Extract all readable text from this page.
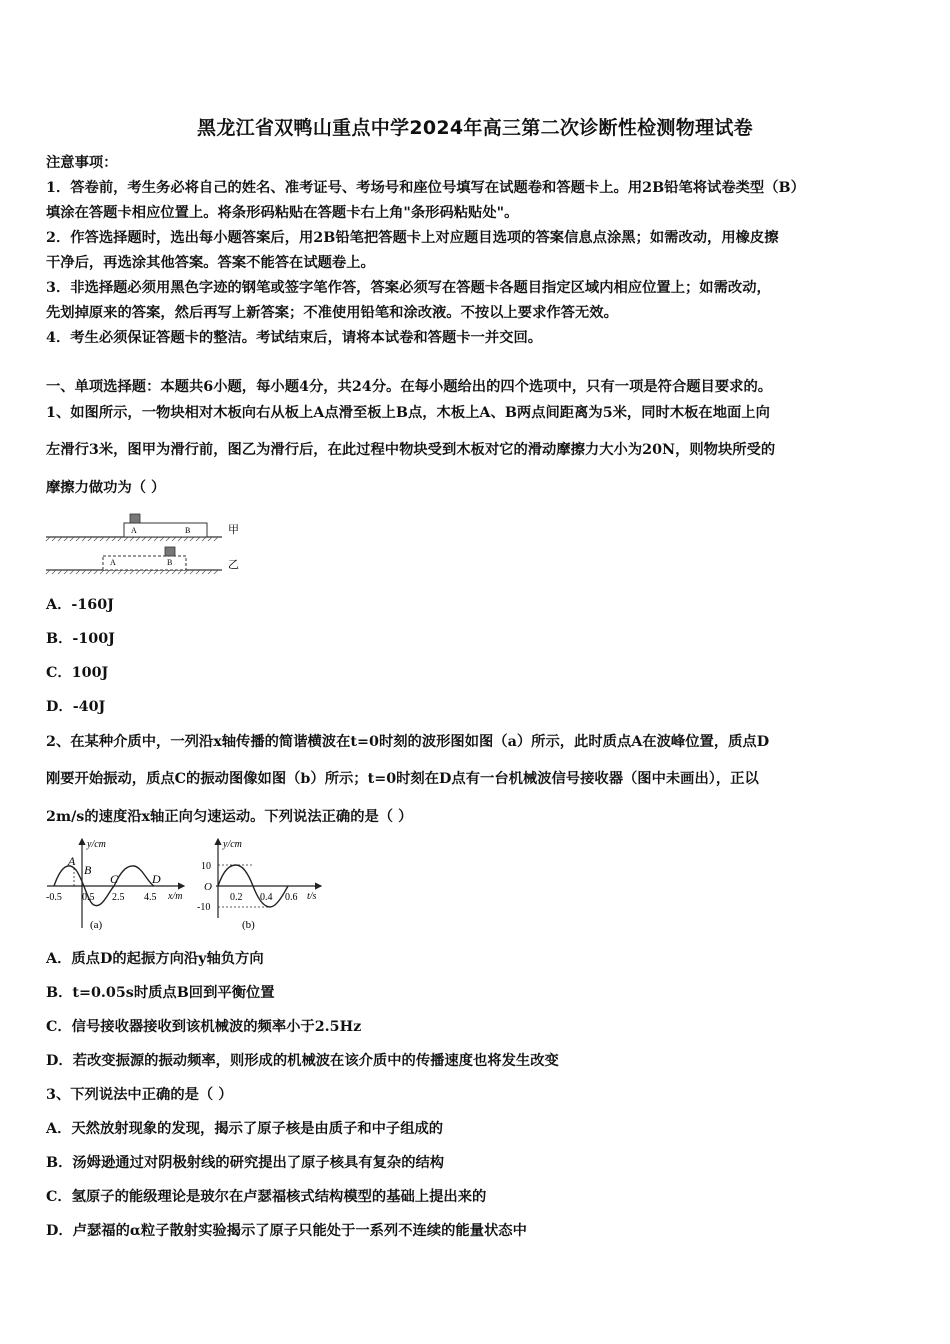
黑龙江省双鸭山重点中学2024年高三第二次诊断性检测物理试卷
注意事项：
1．答卷前，考生务必将自己的姓名、准考证号、考场号和座位号填写在试题卷和答题卡上。用2B铅笔将试卷类型（B）
填涂在答题卡相应位置上。将条形码粘贴在答题卡右上角"条形码粘贴处"。
2．作答选择题时，选出每小题答案后，用2B铅笔把答题卡上对应题目选项的答案信息点涂黑；如需改动，用橡皮擦
干净后，再选涂其他答案。答案不能答在试题卷上。
3．非选择题必须用黑色字迹的钢笔或签字笔作答，答案必须写在答题卡各题目指定区域内相应位置上；如需改动，
先划掉原来的答案，然后再写上新答案；不准使用铅笔和涂改液。不按以上要求作答无效。
4．考生必须保证答题卡的整洁。考试结束后，请将本试卷和答题卡一并交回。
一、单项选择题：本题共6小题，每小题4分，共24分。在每小题给出的四个选项中，只有一项是符合题目要求的。
1、如图所示，一物块相对木板向右从板上A点滑至板上B点，木板上A、B两点间距离为5米，同时木板在地面上向
左滑行3米，图甲为滑行前，图乙为滑行后，在此过程中物块受到木板对它的滑动摩擦力大小为20N，则物块所受的
摩擦力做功为（ ）
A	B	甲
A	B	乙
A．-160J
B．-100J
C．100J
D．-40J
2、在某种介质中，一列沿x轴传播的简谐横波在t=0时刻的波形图如图（a）所示，此时质点A在波峰位置，质点D
刚要开始振动，质点C的振动图像如图（b）所示；t=0时刻在D点有一台机械波信号接收器（图中未画出），正以
2m/s的速度沿x轴正向匀速运动。下列说法正确的是（ ）
y/cm
x/m
A
B
C	D
-0.5 0.5 2.5 4.5
(a)
y/cm
t/s
10
O
-10
0.2 0.4 0.6
(b)
A．质点D的起振方向沿y轴负方向
B．t=0.05s时质点B回到平衡位置
C．信号接收器接收到该机械波的频率小于2.5Hz
D．若改变振源的振动频率，则形成的机械波在该介质中的传播速度也将发生改变
3、下列说法中正确的是（ ）
A．天然放射现象的发现，揭示了原子核是由质子和中子组成的
B．汤姆逊通过对阴极射线的研究提出了原子核具有复杂的结构
C．氢原子的能级理论是玻尔在卢瑟福核式结构模型的基础上提出来的
D．卢瑟福的α粒子散射实验揭示了原子只能处于一系列不连续的能量状态中
